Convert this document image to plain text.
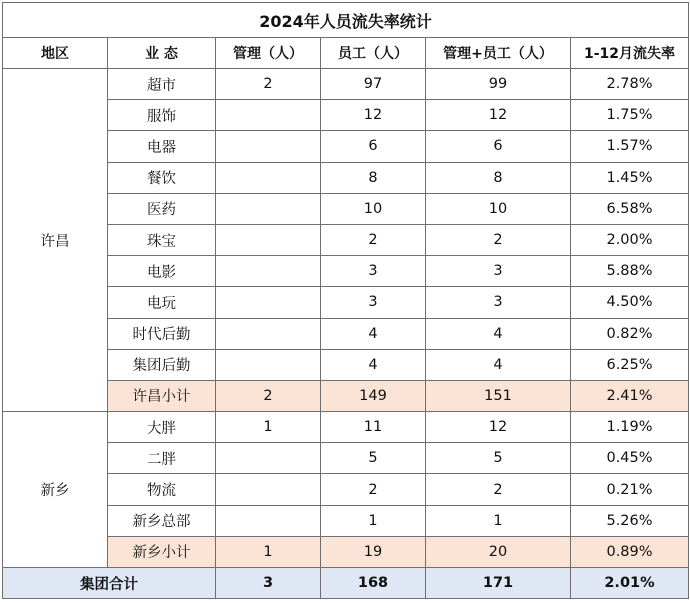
2024年人员流失率统计					
地区	业 态	管理（人）	员工（人）	管理+员工（人）	1-12月流失率
许昌	超市	2	97	99	2.78%
	服饰		12	12	1.75%
	电器		6	6	1.57%
	餐饮		8	8	1.45%
	医药		10	10	6.58%
	珠宝		2	2	2.00%
	电影		3	3	5.88%
	电玩		3	3	4.50%
	时代后勤		4	4	0.82%
	集团后勤		4	4	6.25%
	许昌小计	2	149	151	2.41%
新乡	大胖	1	11	12	1.19%
	二胖		5	5	0.45%
	物流		2	2	0.21%
	新乡总部		1	1	5.26%
	新乡小计	1	19	20	0.89%
集团合计		3	168	171	2.01%
